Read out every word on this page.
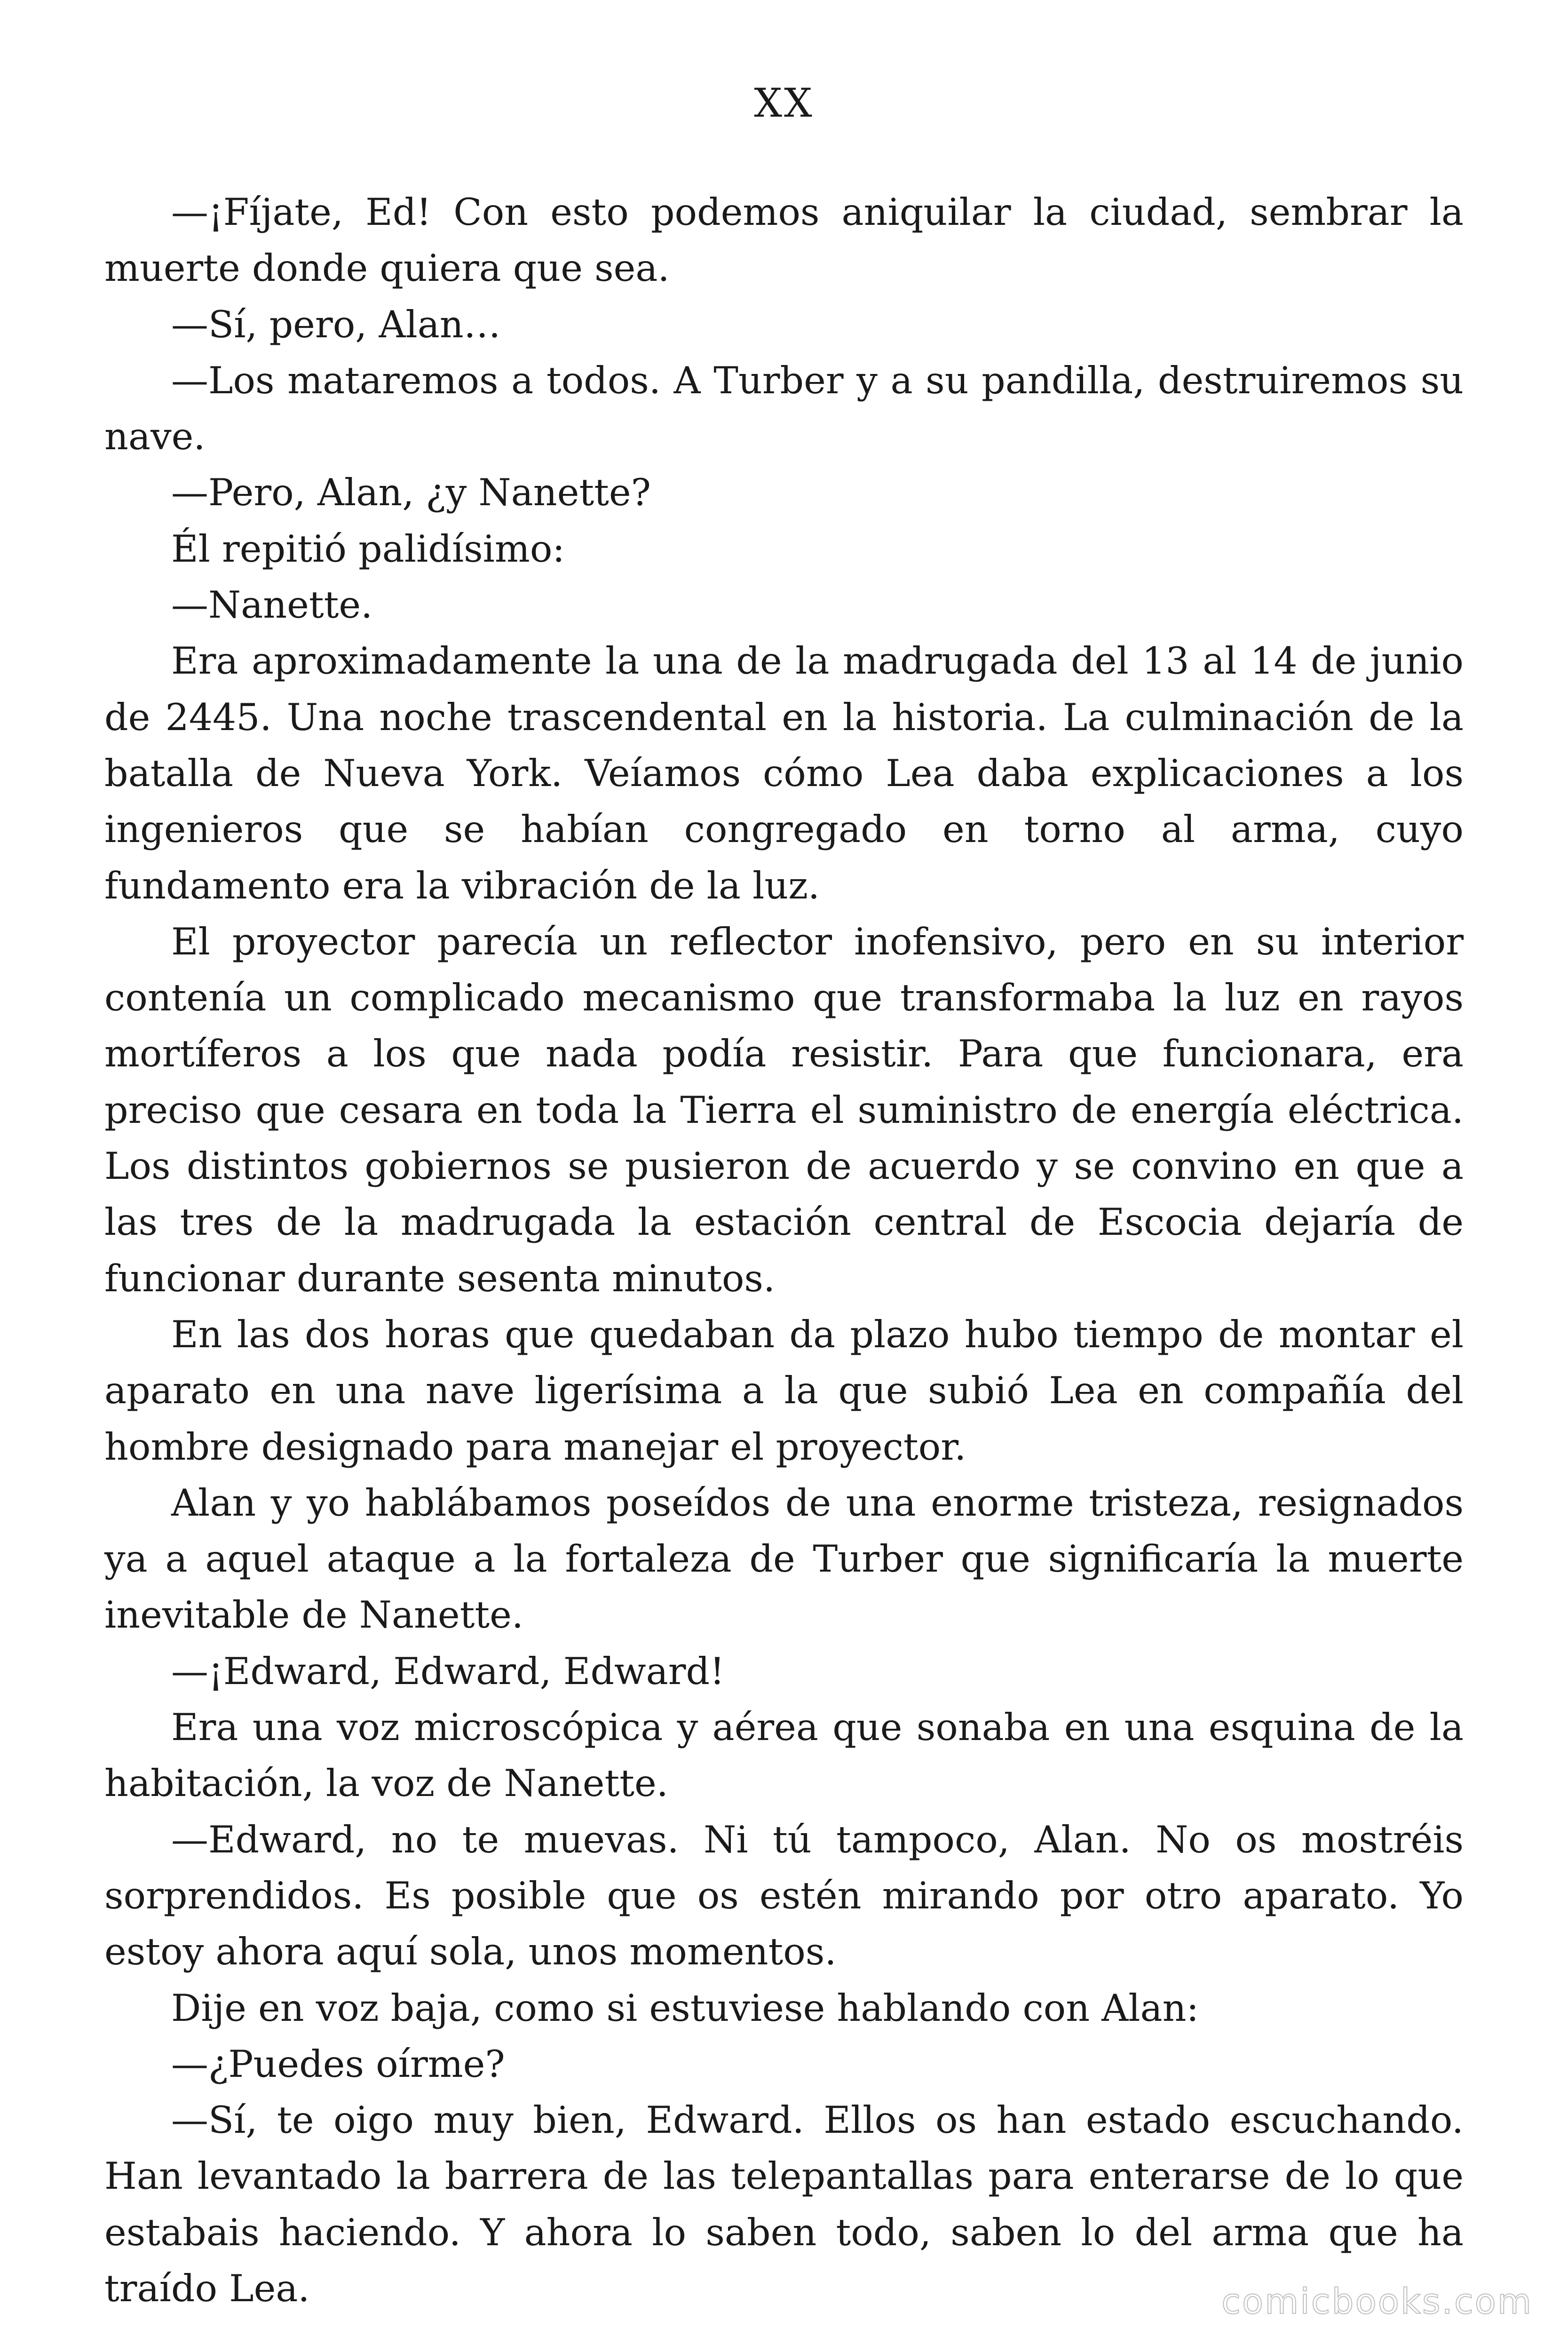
XX

—¡Fíjate, Ed! Con esto podemos aniquilar la ciudad, sembrar la muerte donde quiera que sea.

—Sí, pero, Alan…

—Los mataremos a todos. A Turber y a su pandilla, destruiremos su nave.

—Pero, Alan, ¿y Nanette?

Él repitió palidísimo:

—Nanette.

Era aproximadamente la una de la madrugada del 13 al 14 de junio de 2445. Una noche trascendental en la historia. La culminación de la batalla de Nueva York. Veíamos cómo Lea daba explicaciones a los ingenieros que se habían congregado en torno al arma, cuyo fundamento era la vibración de la luz.

El proyector parecía un reflector inofensivo, pero en su interior contenía un complicado mecanismo que transformaba la luz en rayos mortíferos a los que nada podía resistir. Para que funcionara, era preciso que cesara en toda la Tierra el suministro de energía eléctrica. Los distintos gobiernos se pusieron de acuerdo y se convino en que a las tres de la madrugada la estación central de Escocia dejaría de funcionar durante sesenta minutos.

En las dos horas que quedaban da plazo hubo tiempo de montar el aparato en una nave ligerísima a la que subió Lea en compañía del hombre designado para manejar el proyector.

Alan y yo hablábamos poseídos de una enorme tristeza, resignados ya a aquel ataque a la fortaleza de Turber que significaría la muerte inevitable de Nanette.

—¡Edward, Edward, Edward!

Era una voz microscópica y aérea que sonaba en una esquina de la habitación, la voz de Nanette.

—Edward, no te muevas. Ni tú tampoco, Alan. No os mostréis sorprendidos. Es posible que os estén mirando por otro aparato. Yo estoy ahora aquí sola, unos momentos.

Dije en voz baja, como si estuviese hablando con Alan:

—¿Puedes oírme?

—Sí, te oigo muy bien, Edward. Ellos os han estado escuchando. Han levantado la barrera de las telepantallas para enterarse de lo que estabais haciendo. Y ahora lo saben todo, saben lo del arma que ha traído Lea.	comicbooks.com
